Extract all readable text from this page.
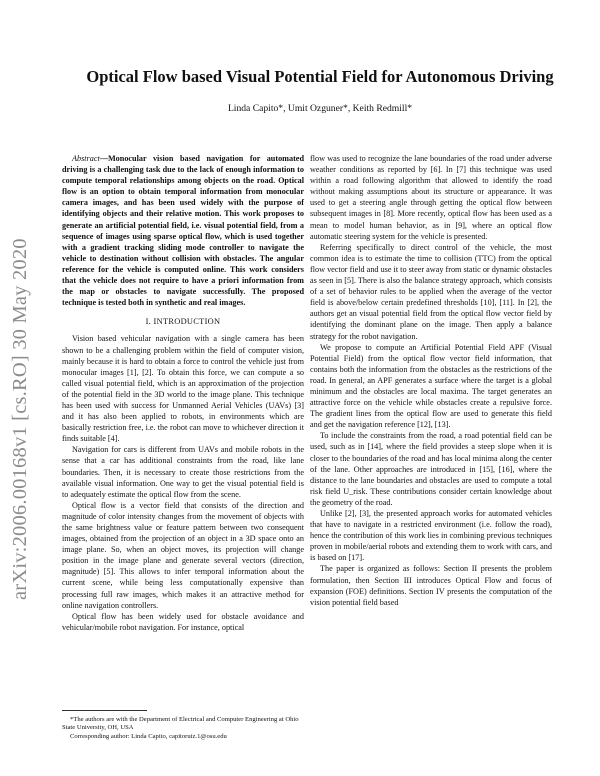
arXiv:2006.00168v1 [cs.RO] 30 May 2020
Optical Flow based Visual Potential Field for Autonomous Driving

Linda Capito*, Umit Ozguner*, Keith Redmill*

Abstract—Monocular vision based navigation for automated driving is a challenging task due to the lack of enough information to compute temporal relationships among objects on the road. Optical flow is an option to obtain temporal information from monocular camera images, and has been used widely with the purpose of identifying objects and their relative motion. This work proposes to generate an artificial potential field, i.e. visual potential field, from a sequence of images using sparse optical flow, which is used together with a gradient tracking sliding mode controller to navigate the vehicle to destination without collision with obstacles. The angular reference for the vehicle is computed online. This work considers that the vehicle does not require to have a priori information from the map or obstacles to navigate successfully. The proposed technique is tested both in synthetic and real images.

I. INTRODUCTION

Vision based vehicular navigation with a single camera has been shown to be a challenging problem within the field of computer vision, mainly because it is hard to obtain a force to control the vehicle just from monocular images [1], [2]. To obtain this force, we can compute a so called visual potential field, which is an approximation of the projection of the potential field in the 3D world to the image plane. This technique has been used with success for Unmanned Aerial Vehicles (UAVs) [3] and it has also been applied to robots, in environments which are basically restriction free, i.e. the robot can move to whichever direction it finds suitable [4].

Navigation for cars is different from UAVs and mobile robots in the sense that a car has additional constraints from the road, like lane boundaries. Then, it is necessary to create those restrictions from the available visual information. One way to get the visual potential field is to adequately estimate the optical flow from the scene.

Optical flow is a vector field that consists of the direction and magnitude of color intensity changes from the movement of objects with the same brightness value or feature pattern between two consequent images, obtained from the projection of an object in a 3D space onto an image plane. So, when an object moves, its projection will change position in the image plane and generate several vectors (direction, magnitude) [5]. This allows to infer temporal information about the current scene, while being less computationally expensive than processing full raw images, which makes it an attractive method for online navigation controllers.

Optical flow has been widely used for obstacle avoidance and vehicular/mobile robot navigation. For instance, optical

*The authors are with the Department of Electrical and Computer Engineering at Ohio State University, OH, USA

Corresponding author: Linda Capito, capitoruiz.1@osu.edu

flow was used to recognize the lane boundaries of the road under adverse weather conditions as reported by [6]. In [7] this technique was used within a road following algorithm that allowed to identify the road without making assumptions about its structure or appearance. It was used to get a steering angle through getting the optical flow between subsequent images in [8]. More recently, optical flow has been used as a mean to model human behavior, as in [9], where an optical flow automatic steering system for the vehicle is presented.

Referring specifically to direct control of the vehicle, the most common idea is to estimate the time to collision (TTC) from the optical flow vector field and use it to steer away from static or dynamic obstacles as seen in [5]. There is also the balance strategy approach, which consists of a set of behavior rules to be applied when the average of the vector field is above/below certain predefined thresholds [10], [11]. In [2], the authors get an visual potential field from the optical flow vector field by identifying the dominant plane on the image. Then apply a balance strategy for the robot navigation.

We propose to compute an Artificial Potential Field APF (Visual Potential Field) from the optical flow vector field information, that contains both the information from the obstacles as the restrictions of the road. In general, an APF generates a surface where the target is a global minimum and the obstacles are local maxima. The target generates an attractive force on the vehicle while obstacles create a repulsive force. The gradient lines from the optical flow are used to generate this field and get the navigation reference [12], [13].

To include the constraints from the road, a road potential field can be used, such as in [14], where the field provides a steep slope when it is closer to the boundaries of the road and has local minima along the center of the lane. Other approaches are introduced in [15], [16], where the distance to the lane boundaries and obstacles are used to compute a total risk field U_risk. These contributions consider certain knowledge about the geometry of the road.

Unlike [2], [3], the presented approach works for automated vehicles that have to navigate in a restricted environment (i.e. follow the road), hence the contribution of this work lies in combining previous techniques proven in mobile/aerial robots and extending them to work with cars, and is based on [17].

The paper is organized as follows: Section II presents the problem formulation, then Section III introduces Optical Flow and focus of expansion (FOE) definitions. Section IV presents the computation of the vision potential field based
